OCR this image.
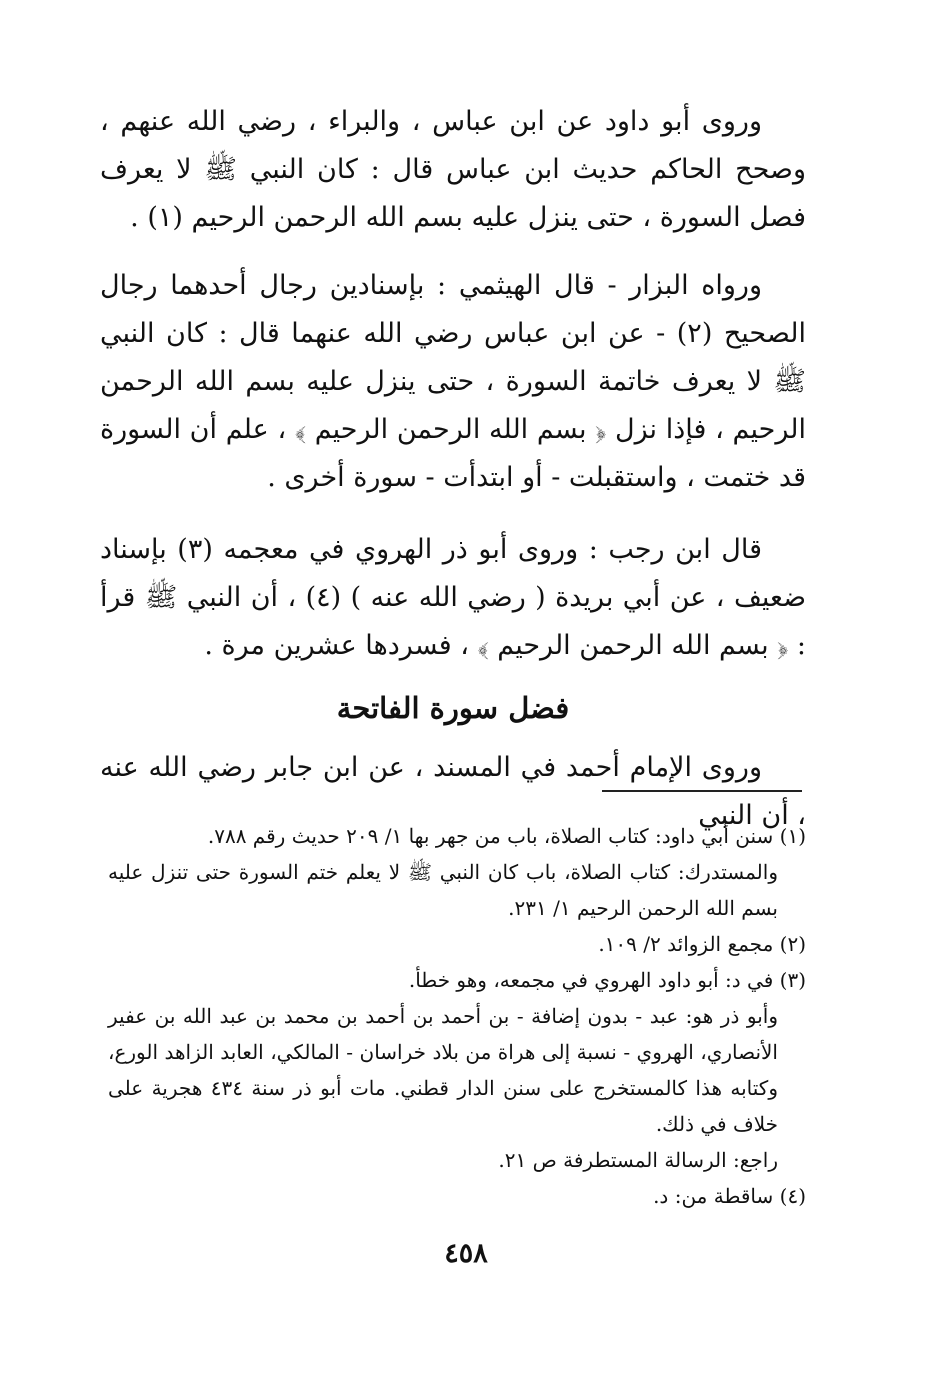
وروى أبو داود عن ابن عباس ، والبراء ، رضي الله عنهم ، وصحح الحاكم حديث ابن عباس قال : كان النبي ﷺ لا يعرف فصل السورة ، حتى ينزل عليه بسم الله الرحمن الرحيم (١) .

ورواه البزار - قال الهيثمي : بإسنادين رجال أحدهما رجال الصحيح (٢) - عن ابن عباس رضي الله عنهما قال : كان النبي ﷺ لا يعرف خاتمة السورة ، حتى ينزل عليه بسم الله الرحمن الرحيم ، فإذا نزل ﴿ بسم الله الرحمن الرحيم ﴾ ، علم أن السورة قد ختمت ، واستقبلت - أو ابتدأت - سورة أخرى .

قال ابن رجب : وروى أبو ذر الهروي في معجمه (٣) بإسناد ضعيف ، عن أبي بريدة ( رضي الله عنه ) (٤) ، أن النبي ﷺ قرأ : ﴿ بسم الله الرحمن الرحيم ﴾ ، فسردها عشرين مرة .

فضل سورة الفاتحة

وروى الإمام أحمد في المسند ، عن ابن جابر رضي الله عنه ، أن النبي

(١) سنن أبي داود: كتاب الصلاة، باب من جهر بها ١/ ٢٠٩ حديث رقم ٧٨٨.

والمستدرك: كتاب الصلاة، باب كان النبي ﷺ لا يعلم ختم السورة حتى تنزل عليه بسم الله الرحمن الرحيم ١/ ٢٣١.

(٢) مجمع الزوائد ٢/ ١٠٩.

(٣) في د: أبو داود الهروي في مجمعه، وهو خطأ.

وأبو ذر هو: عبد - بدون إضافة - بن أحمد بن أحمد بن محمد بن عبد الله بن عفير الأنصاري، الهروي - نسبة إلى هراة من بلاد خراسان - المالكي، العابد الزاهد الورع، وكتابه هذا كالمستخرج على سنن الدار قطني. مات أبو ذر سنة ٤٣٤ هجرية على خلاف في ذلك.

راجع: الرسالة المستطرفة ص ٢١.

(٤) ساقطة من: د.

٤٥٨
